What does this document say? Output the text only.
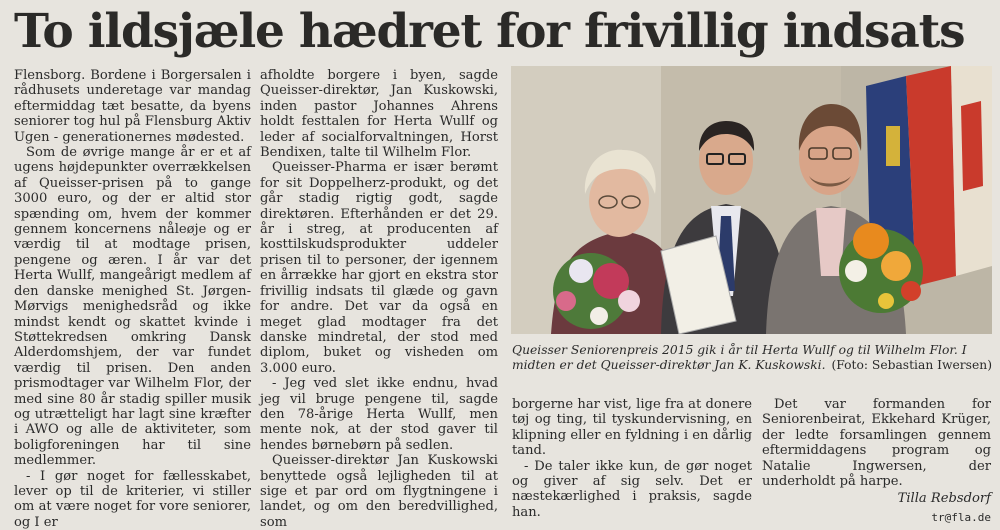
To ildsjæle hædret for frivillig indsats

Flensborg. Bordene i Borgersalen i rådhusets underetage var mandag eftermiddag tæt besatte, da byens seniorer tog hul på Flensburg Aktiv Ugen - generationernes mødested.

Som de øvrige mange år er et af ugens højdepunkter overrækkelsen af Queisser-prisen på to gange 3000 euro, og der er altid stor spænding om, hvem der kommer gennem koncernens nåleøje og er værdig til at modtage prisen, pengene og æren. I år var det Herta Wullf, mangeårigt medlem af den danske menighed St. Jørgen-Mørvigs menighedsråd og ikke mindst kendt og skattet kvinde i Støttekredsen omkring Dansk Alderdomshjem, der var fundet værdig til prisen. Den anden prismodtager var Wilhelm Flor, der med sine 80 år stadig spiller musik og utrætteligt har lagt sine kræfter i AWO og alle de aktiviteter, som boligforeningen har til sine medlemmer.

- I gør noget for fællesskabet, lever op til de kriterier, vi stiller om at være noget for vore seniorer, og I er

afholdte borgere i byen, sagde Queisser-direktør, Jan Kuskowski, inden pastor Johannes Ahrens holdt festtalen for Herta Wullf og leder af socialforvaltningen, Horst Bendixen, talte til Wilhelm Flor.

Queisser-Pharma er især berømt for sit Doppelherz-produkt, og det går stadig rigtig godt, sagde direktøren. Efterhånden er det 29. år i streg, at producenten af kosttilskudsprodukter uddeler prisen til to personer, der igennem en årrække har gjort en ekstra stor frivillig indsats til glæde og gavn for andre. Det var da også en meget glad modtager fra det danske mindretal, der stod med diplom, buket og visheden om 3.000 euro.

- Jeg ved slet ikke endnu, hvad jeg vil bruge pengene til, sagde den 78-årige Herta Wullf, men mente nok, at der stod gaver til hendes børnebørn på sedlen.

Queisser-direktør Jan Kuskowski benyttede også lejligheden til at sige et par ord om flygtningene i landet, og om den beredvillighed, som

Queisser Seniorenpreis 2015 gik i år til Herta Wullf og til Wilhelm Flor. I midten er det Queisser-direktør Jan K. Kuskowski. (Foto: Sebastian Iwersen)

borgerne har vist, lige fra at donere tøj og ting, til tyskundervisning, en klipning eller en fyldning i en dårlig tand.

- De taler ikke kun, de gør noget og giver af sig selv. Det er næstekærlighed i praksis, sagde han.

Det var formanden for Seniorenbeirat, Ekkehard Krüger, der ledte forsamlingen gennem eftermiddagens program og Natalie Ingwersen, der underholdt på harpe.

Tilla Rebsdorf
tr@fla.de
